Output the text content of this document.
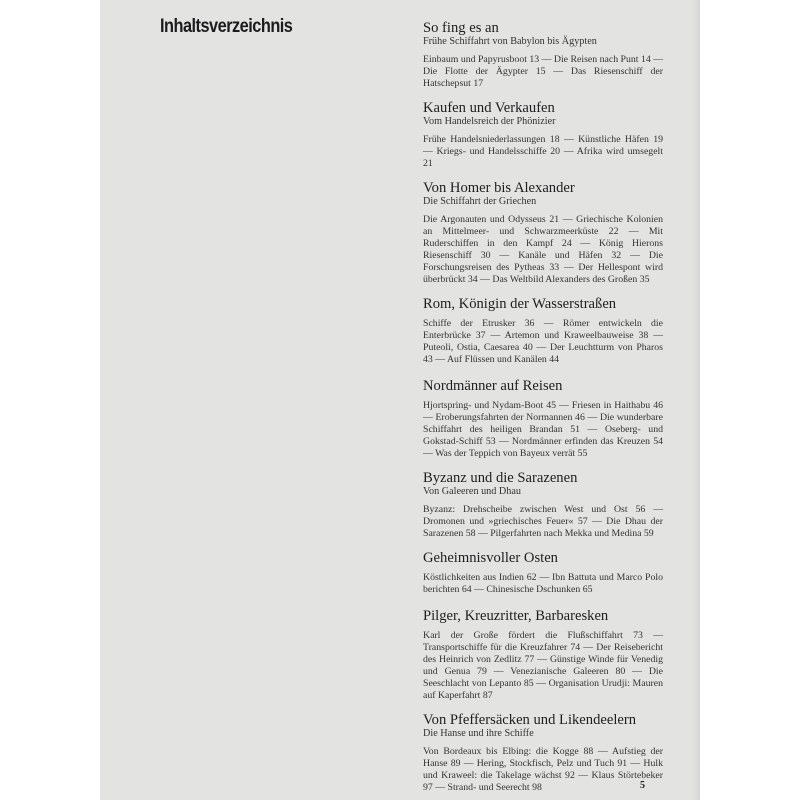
Inhaltsverzeichnis	So fing es an
Frühe Schiffahrt von Babylon bis Ägypten
Einbaum und Papyrusboot 13 — Die Reisen nach Punt 14 — Die Flotte der Ägypter 15 — Das Riesenschiff der Hatschepsut 17
Kaufen und Verkaufen
Vom Handelsreich der Phönizier
Frühe Handelsniederlassungen 18 — Künstliche Häfen 19 — Kriegs- und Handelsschiffe 20 — Afrika wird umsegelt 21
Von Homer bis Alexander
Die Schiffahrt der Griechen
Die Argonauten und Odysseus 21 — Griechische Kolonien an Mittelmeer- und Schwarzmeerküste 22 — Mit Ruderschiffen in den Kampf 24 — König Hierons Riesenschiff 30 — Kanäle und Häfen 32 — Die Forschungsreisen des Pytheas 33 — Der Hellespont wird überbrückt 34 — Das Weltbild Alexanders des Großen 35
Rom, Königin der Wasserstraßen
Schiffe der Etrusker 36 — Römer entwickeln die Enterbrücke 37 — Artemon und Kraweelbauweise 38 — Puteoli, Ostia, Caesarea 40 — Der Leuchtturm von Pharos 43 — Auf Flüssen und Kanälen 44
Nordmänner auf Reisen
Hjortspring- und Nydam-Boot 45 — Friesen in Haithabu 46 — Eroberungsfahrten der Normannen 46 — Die wunderbare Schiffahrt des heiligen Brandan 51 — Oseberg- und Gokstad-Schiff 53 — Nordmänner erfinden das Kreuzen 54 — Was der Teppich von Bayeux verrät 55
Byzanz und die Sarazenen
Von Galeeren und Dhau
Byzanz: Drehscheibe zwischen West und Ost 56 — Dromonen und »griechisches Feuer« 57 — Die Dhau der Sarazenen 58 — Pilgerfahrten nach Mekka und Medina 59
Geheimnisvoller Osten
Köstlichkeiten aus Indien 62 — Ibn Battuta und Marco Polo berichten 64 — Chinesische Dschunken 65
Pilger, Kreuzritter, Barbaresken
Karl der Große fördert die Flußschiffahrt 73 — Transportschiffe für die Kreuzfahrer 74 — Der Reisebericht des Heinrich von Zedlitz 77 — Günstige Winde für Venedig und Genua 79 — Venezianische Galeeren 80 — Die Seeschlacht von Lepanto 85 — Organisation Urudji: Mauren auf Kaperfahrt 87
Von Pfeffersäcken und Likendeelern
Die Hanse und ihre Schiffe
Von Bordeaux bis Elbing: die Kogge 88 — Aufstieg der Hanse 89 — Hering, Stockfisch, Pelz und Tuch 91 — Hulk und Kraweel: die Takelage wächst 92 — Klaus Störtebeker 97 — Strand- und Seerecht 98	5
